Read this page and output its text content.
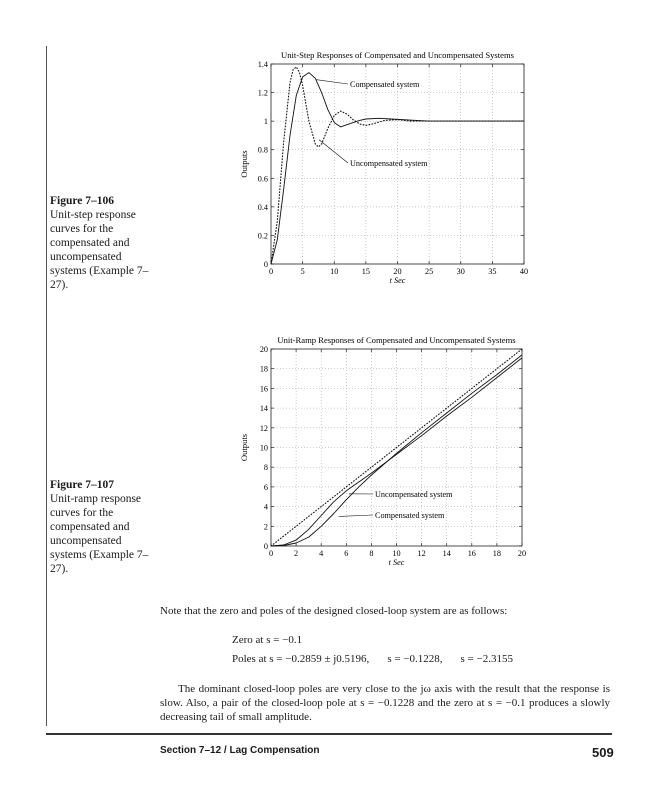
Figure 7–106
Unit-step response curves for the compensated and uncompensated systems (Example 7–27).
Unit-Step Responses of Compensated and Uncompensated Systems
0	5	10	15	20	25	30	35	40
0
0.2
0.4
0.6
0.8
1
1.2
1.4
t Sec
Outputs
Compensated system
Uncompensated system
Figure 7–107
Unit-ramp response curves for the compensated and uncompensated systems (Example 7–27).
Unit-Ramp Responses of Compensated and Uncompensated Systems
0	2	4	6	8 10 12 14 16 18 20
0
2
4
6
8
10
12
14
16
18
20
t Sec
Outputs
Uncompensated system
Compensated system
Note that the zero and poles of the designed closed-loop system are as follows:
Zero at s = −0.1
Poles at s = −0.2859 ± j0.5196, s = −0.1228, s = −2.3155
The dominant closed-loop poles are very close to the jω axis with the result that the response is slow. Also, a pair of the closed-loop pole at s = −0.1228 and the zero at s = −0.1 produces a slowly decreasing tail of small amplitude.
Section 7–12 / Lag Compensation	509
